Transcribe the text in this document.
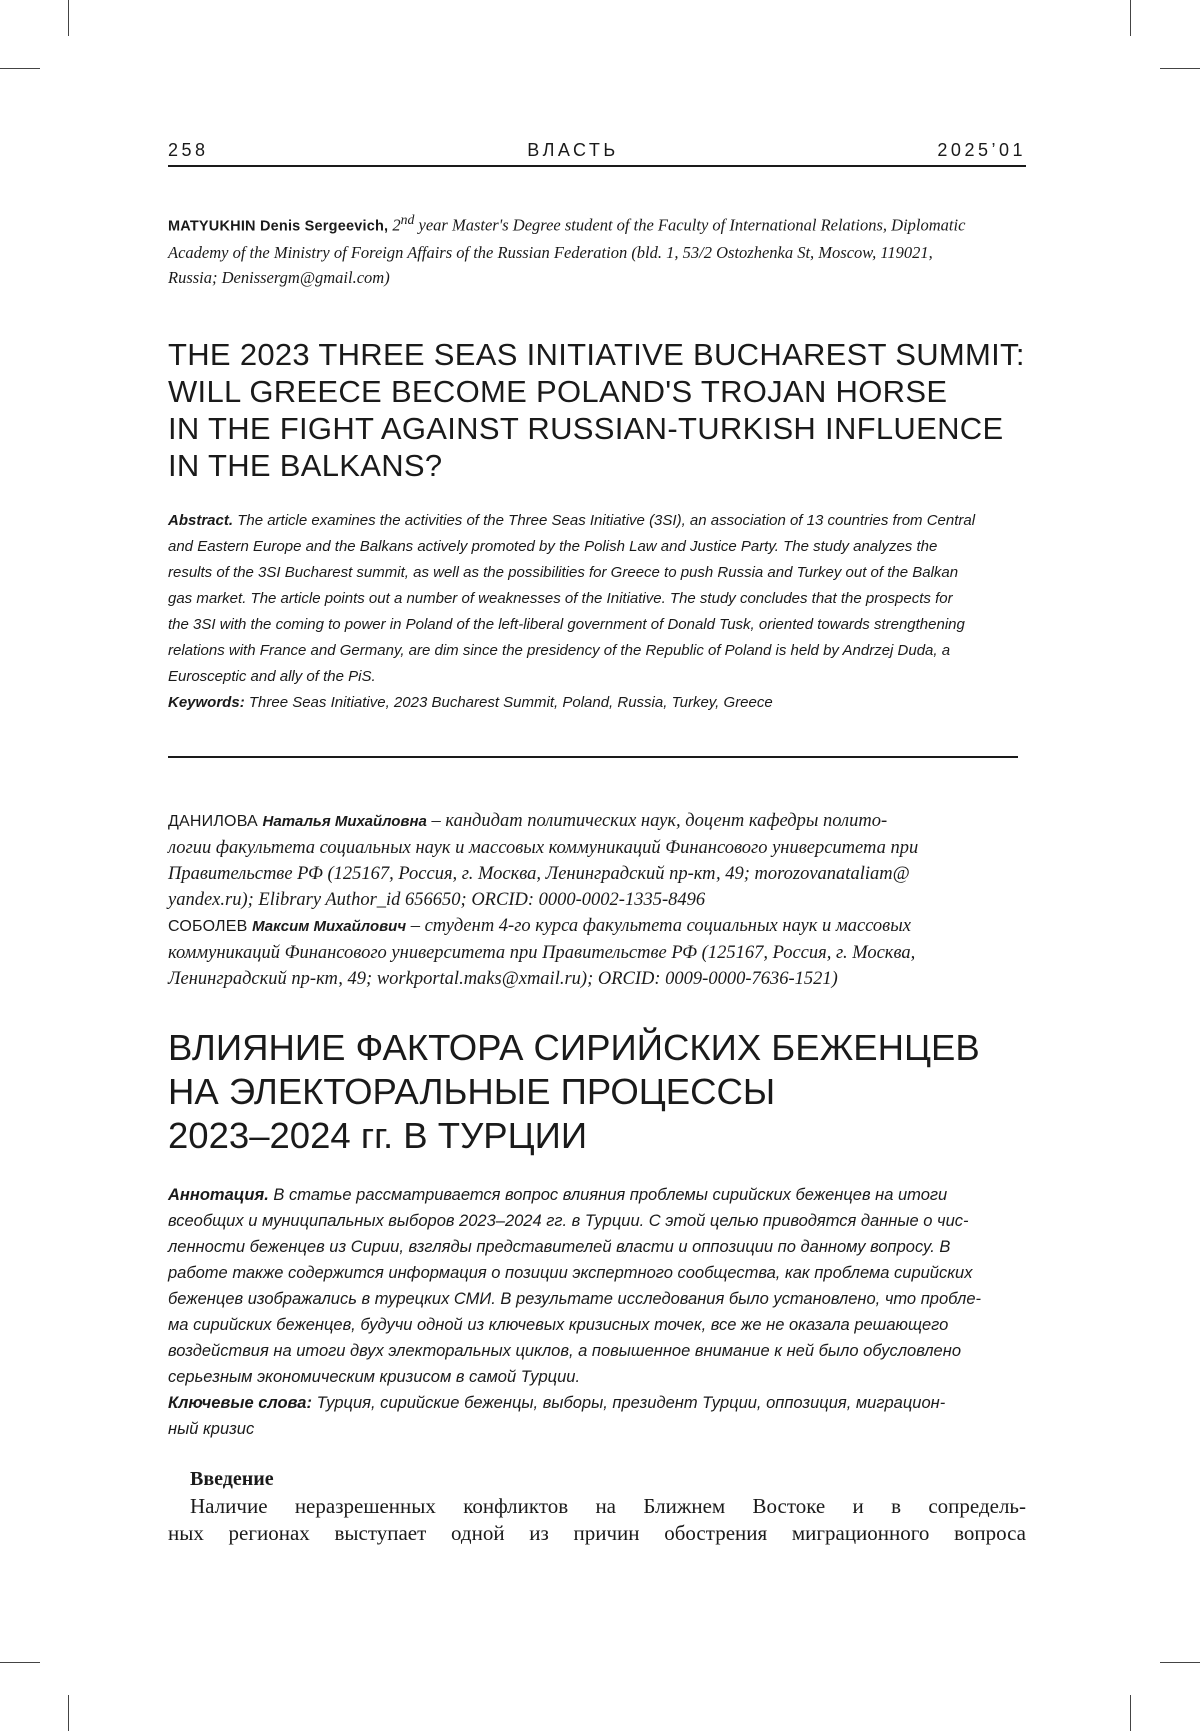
258	ВЛАСТЬ	2025’01

MATYUKHIN Denis Sergeevich, 2nd year Master's Degree student of the Faculty of International Relations, Diplomatic
Academy of the Ministry of Foreign Affairs of the Russian Federation (bld. 1, 53/2 Ostozhenka St, Moscow, 119021,
Russia; Denissergm@gmail.com)

THE 2023 THREE SEAS INITIATIVE BUCHAREST SUMMIT:
WILL GREECE BECOME POLAND'S TROJAN HORSE
IN THE FIGHT AGAINST RUSSIAN-TURKISH INFLUENCE
IN THE BALKANS?
Abstract. The article examines the activities of the Three Seas Initiative (3SI), an association of 13 countries from Central
and Eastern Europe and the Balkans actively promoted by the Polish Law and Justice Party. The study analyzes the
results of the 3SI Bucharest summit, as well as the possibilities for Greece to push Russia and Turkey out of the Balkan
gas market. The article points out a number of weaknesses of the Initiative. The study concludes that the prospects for
the 3SI with the coming to power in Poland of the left-liberal government of Donald Tusk, oriented towards strengthening
relations with France and Germany, are dim since the presidency of the Republic of Poland is held by Andrzej Duda, a
Eurosceptic and ally of the PiS.
Keywords: Three Seas Initiative, 2023 Bucharest Summit, Poland, Russia, Turkey, Greece

ДАНИЛОВА Наталья Михайловна – кандидат политических наук, доцент кафедры полито-
логии факультета социальных наук и массовых коммуникаций Финансового университета при
Правительстве РФ (125167, Россия, г. Москва, Ленинградский пр-кт, 49; morozovanataliam@
yandex.ru); Elibrary Author_id 656650; ORCID: 0000-0002-1335-8496
СОБОЛЕВ Максим Михайлович – студент 4-го курса факультета социальных наук и массовых
коммуникаций Финансового университета при Правительстве РФ (125167, Россия, г. Москва,
Ленинградский пр-кт, 49; workportal.maks@xmail.ru); ORCID: 0009-0000-7636-1521)

ВЛИЯНИЕ ФАКТОРА СИРИЙСКИХ БЕЖЕНЦЕВ
НА ЭЛЕКТОРАЛЬНЫЕ ПРОЦЕССЫ
2023–2024 гг. В ТУРЦИИ
Аннотация. В статье рассматривается вопрос влияния проблемы сирийских беженцев на итоги
всеобщих и муниципальных выборов 2023–2024 гг. в Турции. С этой целью приводятся данные о чис-
ленности беженцев из Сирии, взгляды представителей власти и оппозиции по данному вопросу. В
работе также содержится информация о позиции экспертного сообщества, как проблема сирийских
беженцев изображались в турецких СМИ. В результате исследования было установлено, что пробле-
ма сирийских беженцев, будучи одной из ключевых кризисных точек, все же не оказала решающего
воздействия на итоги двух электоральных циклов, а повышенное внимание к ней было обусловлено
серьезным экономическим кризисом в самой Турции.
Ключевые слова: Турция, сирийские беженцы, выборы, президент Турции, оппозиция, миграцион-
ный кризис
Введение
Наличие неразрешенных конфликтов на Ближнем Востоке и в сопредель-
ных регионах выступает одной из причин обострения миграционного вопроса
